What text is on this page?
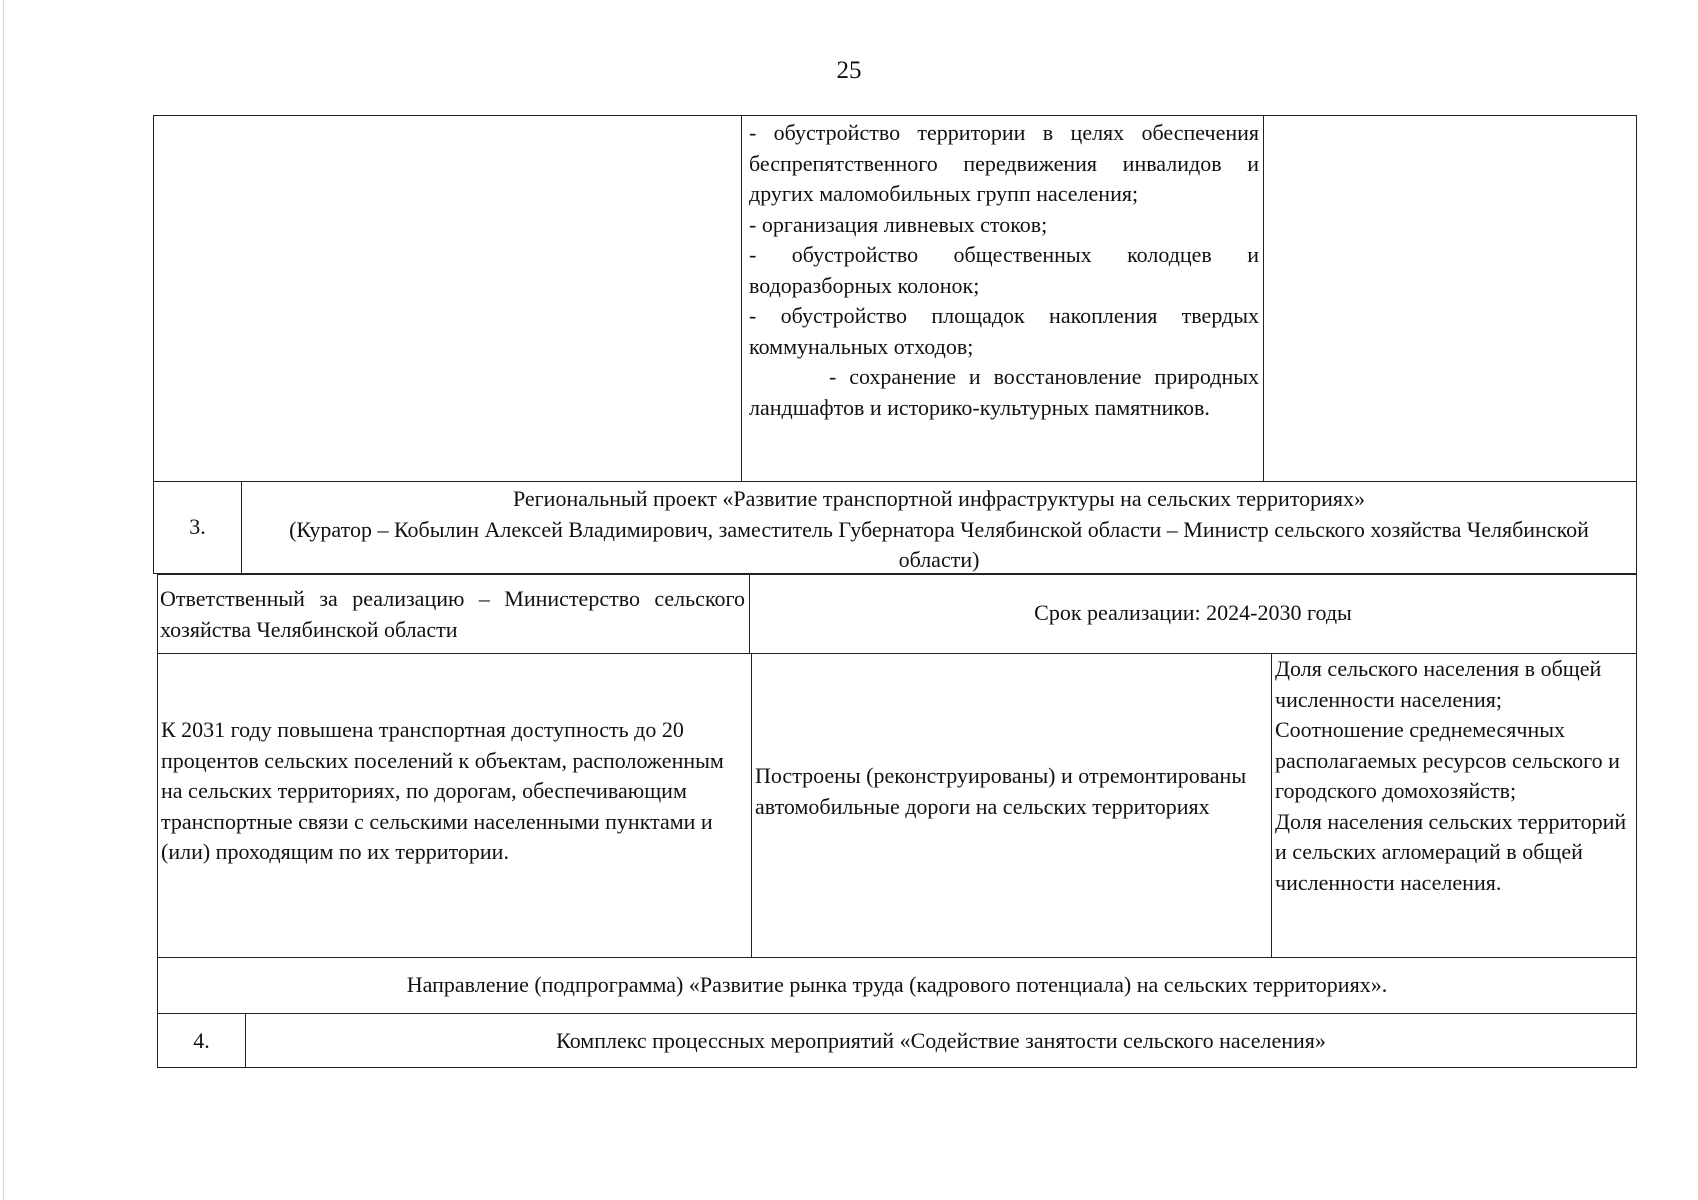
25
- обустройство территории в целях обеспечения беспрепятственного передвижения инвалидов и других маломобильных групп населения;
- организация ливневых стоков;
- обустройство общественных колодцев и водоразборных колонок;
- обустройство площадок накопления твердых коммунальных отходов;
- сохранение и восстановление природных ландшафтов и историко-культурных памятников.
3.
Региональный проект «Развитие транспортной инфраструктуры на сельских территориях»
(Куратор – Кобылин Алексей Владимирович, заместитель Губернатора Челябинской области – Министр сельского хозяйства Челябинской области)
Ответственный за реализацию – Министерство сельского хозяйства Челябинской области
Срок реализации: 2024-2030 годы
К 2031 году повышена транспортная доступность до 20 процентов сельских поселений к объектам, расположенным на сельских территориях, по дорогам, обеспечивающим транспортные связи с сельскими населенными пунктами и (или) проходящим по их территории.
Построены (реконструированы) и отремонтированы автомобильные дороги на сельских территориях
Доля сельского населения в общей численности населения;
Соотношение среднемесячных располагаемых ресурсов сельского и городского домохозяйств;
Доля населения сельских территорий и сельских агломераций в общей численности населения.
Направление (подпрограмма) «Развитие рынка труда (кадрового потенциала) на сельских территориях».
4.	Комплекс процессных мероприятий «Содействие занятости сельского населения»
